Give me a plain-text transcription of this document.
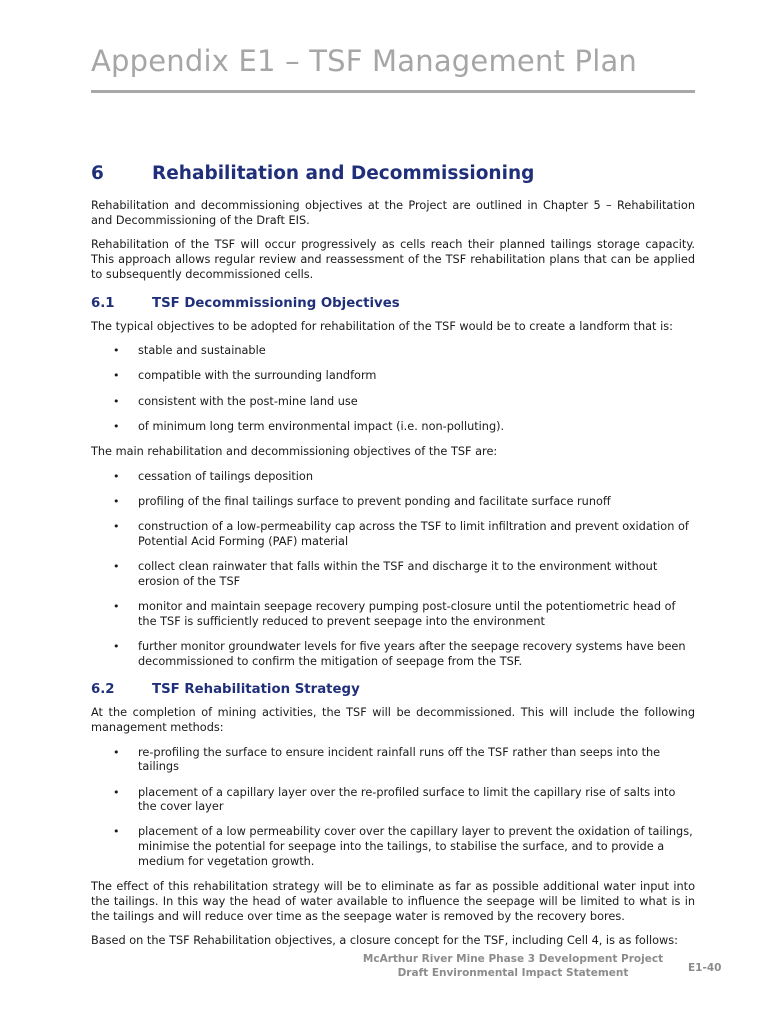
Appendix E1 – TSF Management Plan
6	Rehabilitation and Decommissioning

Rehabilitation and decommissioning objectives at the Project are outlined in Chapter 5 – Rehabilitation and Decommissioning of the Draft EIS.

Rehabilitation of the TSF will occur progressively as cells reach their planned tailings storage capacity. This approach allows regular review and reassessment of the TSF rehabilitation plans that can be applied to subsequently decommissioned cells.

6.1	TSF Decommissioning Objectives

The typical objectives to be adopted for rehabilitation of the TSF would be to create a landform that is:

• stable and sustainable
• compatible with the surrounding landform
• consistent with the post-mine land use
• of minimum long term environmental impact (i.e. non-polluting).

The main rehabilitation and decommissioning objectives of the TSF are:

• cessation of tailings deposition
• profiling of the final tailings surface to prevent ponding and facilitate surface runoff
• construction of a low-permeability cap across the TSF to limit infiltration and prevent oxidation of Potential Acid Forming (PAF) material
• collect clean rainwater that falls within the TSF and discharge it to the environment without erosion of the TSF
• monitor and maintain seepage recovery pumping post-closure until the potentiometric head of the TSF is sufficiently reduced to prevent seepage into the environment
• further monitor groundwater levels for five years after the seepage recovery systems have been decommissioned to confirm the mitigation of seepage from the TSF.
6.2	TSF Rehabilitation Strategy

At the completion of mining activities, the TSF will be decommissioned. This will include the following management methods:

• re-profiling the surface to ensure incident rainfall runs off the TSF rather than seeps into the tailings
• placement of a capillary layer over the re-profiled surface to limit the capillary rise of salts into the cover layer
• placement of a low permeability cover over the capillary layer to prevent the oxidation of tailings, minimise the potential for seepage into the tailings, to stabilise the surface, and to provide a medium for vegetation growth.

The effect of this rehabilitation strategy will be to eliminate as far as possible additional water input into the tailings. In this way the head of water available to influence the seepage will be limited to what is in the tailings and will reduce over time as the seepage water is removed by the recovery bores.

Based on the TSF Rehabilitation objectives, a closure concept for the TSF, including Cell 4, is as follows:

McArthur River Mine Phase 3 Development Project
Draft Environmental Impact Statement	E1-40
